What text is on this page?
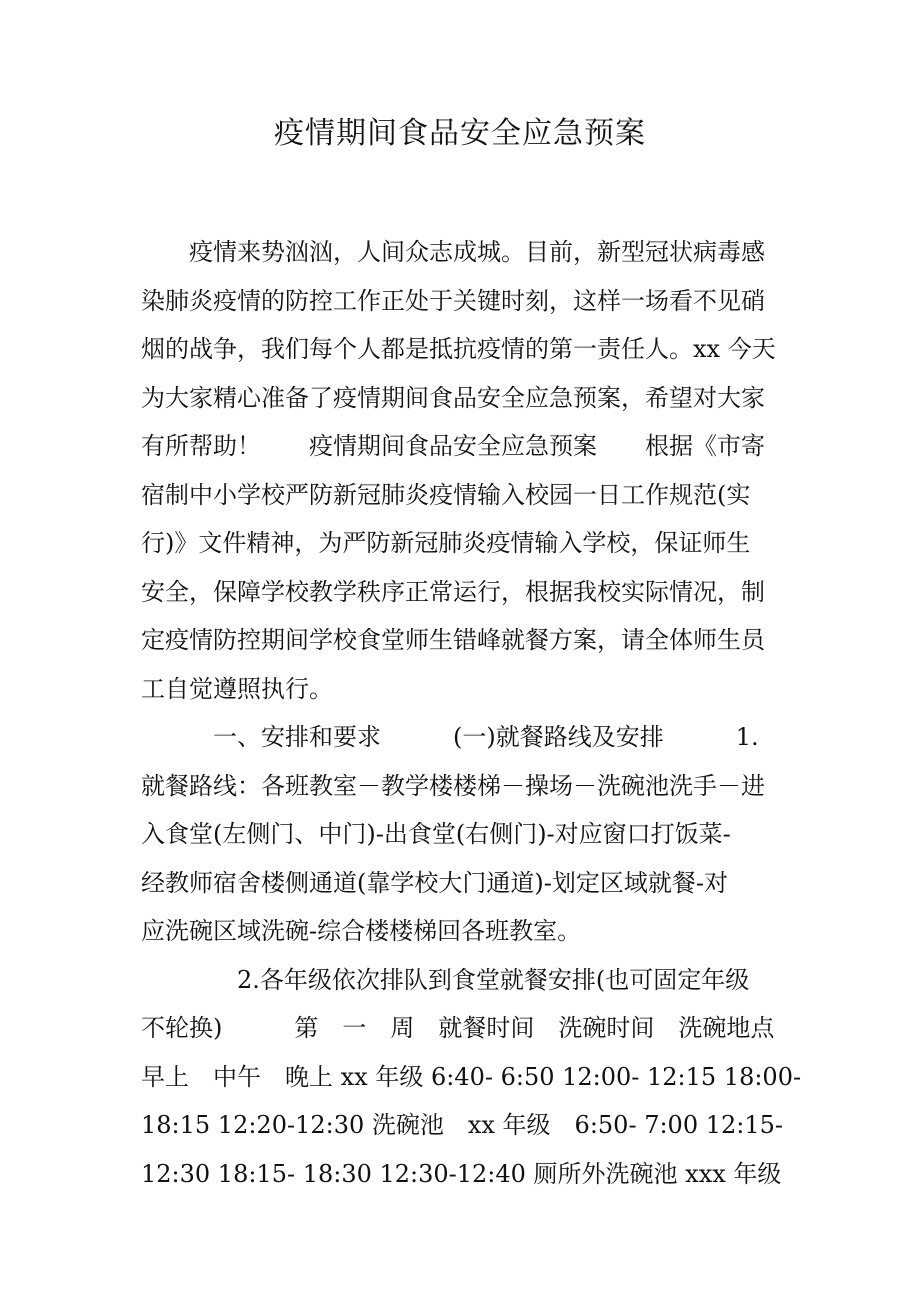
疫情期间食品安全应急预案
　　疫情来势汹汹，人间众志成城。目前，新型冠状病毒感
染肺炎疫情的防控工作正处于关键时刻，这样一场看不见硝
烟的战争，我们每个人都是抵抗疫情的第一责任人。xx 今天
为大家精心准备了疫情期间食品安全应急预案，希望对大家
有所帮助！　　疫情期间食品安全应急预案　　根据《市寄
宿制中小学校严防新冠肺炎疫情输入校园一日工作规范(实
行)》文件精神，为严防新冠肺炎疫情输入学校，保证师生
安全，保障学校教学秩序正常运行，根据我校实际情况，制
定疫情防控期间学校食堂师生错峰就餐方案，请全体师生员
工自觉遵照执行。
　　　一、安排和要求　　　(一)就餐路线及安排　　　1.
就餐路线：各班教室－教学楼楼梯－操场－洗碗池洗手－进
入食堂(左侧门、中门)-出食堂(右侧门)-对应窗口打饭菜-
经教师宿舍楼侧通道(靠学校大门通道)-划定区域就餐-对
应洗碗区域洗碗-综合楼楼梯回各班教室。
　　　　2.各年级依次排队到食堂就餐安排(也可固定年级
不轮换)　　　第　一　周　就餐时间　洗碗时间　洗碗地点
早上　中午　晚上 xx 年级 6:40- 6:50 12:00- 12:15 18:00-
18:15 12:20-12:30 洗碗池　xx 年级　6:50- 7:00 12:15-
12:30 18:15- 18:30 12:30-12:40 厕所外洗碗池 xxx 年级
